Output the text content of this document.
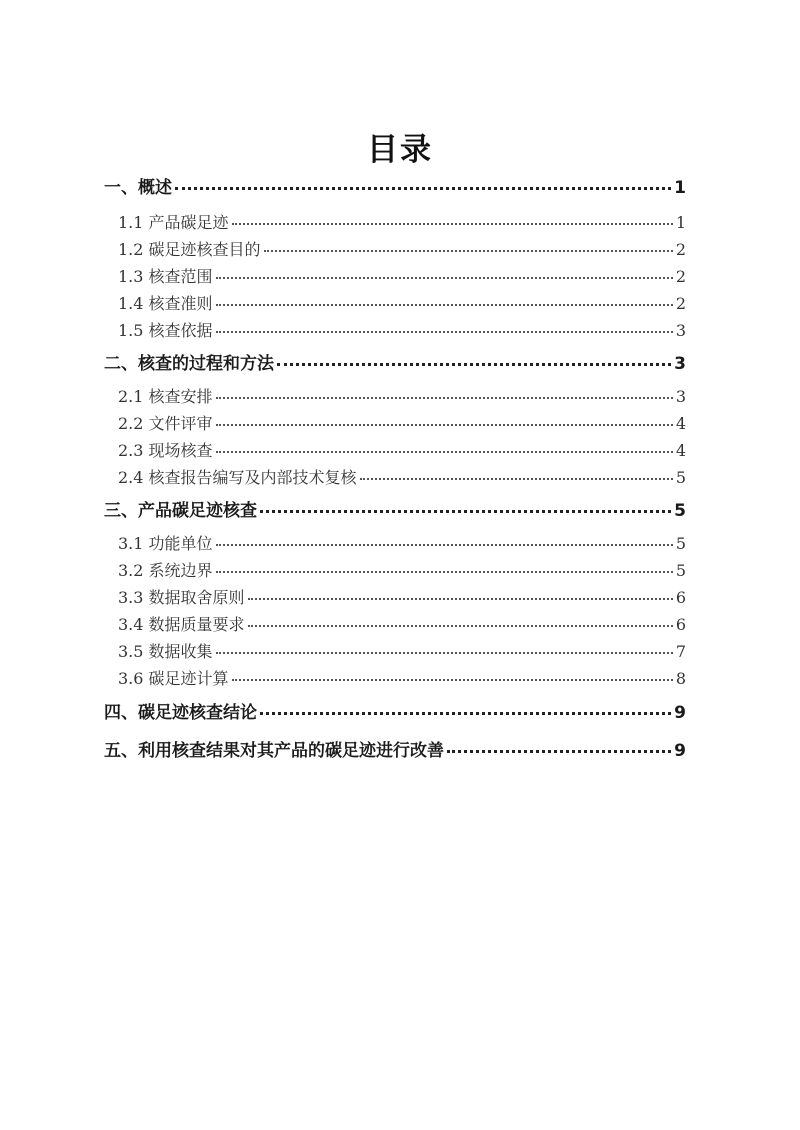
目录
一、概述	1
1.1 产品碳足迹	1
1.2 碳足迹核查目的	2
1.3 核查范围	2
1.4 核查准则	2
1.5 核查依据	3
二、核查的过程和方法	3
2.1 核查安排	3
2.2 文件评审	4
2.3 现场核查	4
2.4 核查报告编写及内部技术复核	5
三、产品碳足迹核查	5
3.1 功能单位	5
3.2 系统边界	5
3.3 数据取舍原则	6
3.4 数据质量要求	6
3.5 数据收集	7
3.6 碳足迹计算	8
四、碳足迹核查结论	9
五、利用核查结果对其产品的碳足迹进行改善	9
